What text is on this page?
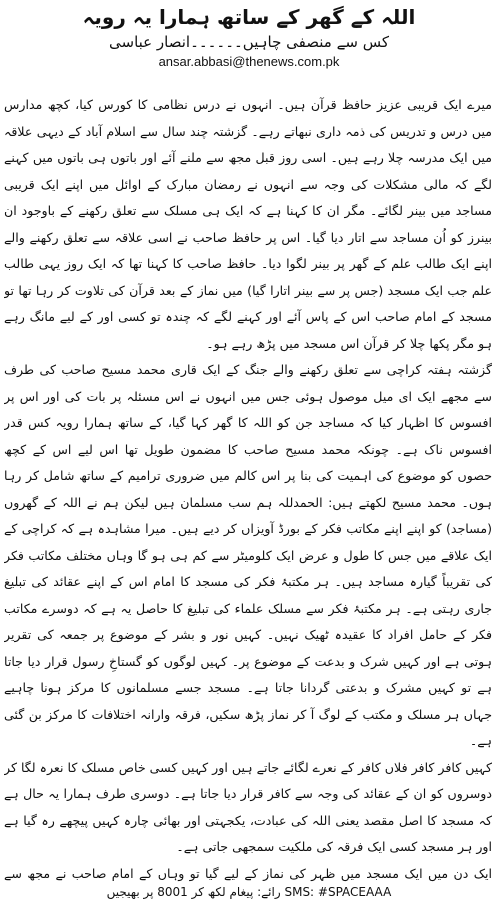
اللہ کے گھر کے ساتھ ہمارا یہ رویہ
کس سے منصفی چاہیں۔۔۔۔۔۔انصار عباسی
ansar.abbasi@thenews.com.pk

میرے ایک قریبی عزیز حافظ قرآن ہیں۔ انہوں نے درس نظامی کا کورس کیا، کچھ مدارس میں درس و تدریس کی ذمہ داری نبھاتے رہے۔ گزشتہ چند سال سے اسلام آباد کے دیہی علاقہ میں ایک مدرسہ چلا رہے ہیں۔ اسی روز قبل مجھ سے ملنے آئے اور باتوں ہی باتوں میں کہنے لگے کہ مالی مشکلات کی وجہ سے انہوں نے رمضان مبارک کے اوائل میں اپنے ایک قریبی مساجد میں بینر لگائے۔ مگر ان کا کہنا ہے کہ ایک ہی مسلک سے تعلق رکھنے کے باوجود ان بینرز کو اُن مساجد سے اتار دیا گیا۔ اس پر حافظ صاحب نے اسی علاقہ سے تعلق رکھنے والے اپنے ایک طالب علم کے گھر پر بینر لگوا دیا۔ حافظ صاحب کا کہنا تھا کہ ایک روز یہی طالب علم جب ایک مسجد (جس پر سے بینر اتارا گیا) میں نماز کے بعد قرآن کی تلاوت کر رہا تھا تو مسجد کے امام صاحب اس کے پاس آئے اور کہنے لگے کہ چندہ تو کسی اور کے لیے مانگ رہے ہو مگر پکھا چلا کر قرآن اس مسجد میں پڑھ رہے ہو۔

گزشتہ ہفتہ کراچی سے تعلق رکھنے والے جنگ کے ایک قاری محمد مسیح صاحب کی طرف سے مجھے ایک ای میل موصول ہوئی جس میں انہوں نے اس مسئلہ پر بات کی اور اس پر افسوس کا اظہار کیا کہ مساجد جن کو اللہ کا گھر کہا گیا، کے ساتھ ہمارا رویہ کس قدر افسوس ناک ہے۔ چونکہ محمد مسیح صاحب کا مضمون طویل تھا اس لیے اس کے کچھ حصوں کو موضوع کی اہمیت کی بنا پر اس کالم میں ضروری ترامیم کے ساتھ شامل کر رہا ہوں۔ محمد مسیح لکھتے ہیں: الحمدللہ ہم سب مسلمان ہیں لیکن ہم نے اللہ کے گھروں (مساجد) کو اپنے اپنے مکاتب فکر کے بورڈ آویزاں کر دیے ہیں۔ میرا مشاہدہ ہے کہ کراچی کے ایک علاقے میں جس کا طول و عرض ایک کلومیٹر سے کم ہی ہو گا وہاں مختلف مکاتب فکر کی تقریباً گیارہ مساجد ہیں۔ ہر مکتبۂ فکر کی مسجد کا امام اس کے اپنے عقائد کی تبلیغ جاری رہتی ہے۔ ہر مکتبۂ فکر سے مسلک علماء کی تبلیغ کا حاصل یہ ہے کہ دوسرے مکاتب فکر کے حامل افراد کا عقیدہ ٹھیک نہیں۔ کہیں نور و بشر کے موضوع پر جمعہ کی تقریر ہوتی ہے اور کہیں شرک و بدعت کے موضوع پر۔ کہیں لوگوں کو گستاخِ رسول قرار دیا جاتا ہے تو کہیں مشرک و بدعتی گردانا جاتا ہے۔ مسجد جسے مسلمانوں کا مرکز ہونا چاہیے جہاں ہر مسلک و مکتب کے لوگ آ کر نماز پڑھ سکیں، فرقہ وارانہ اختلافات کا مرکز بن گئی ہے۔

کہیں کافر کافر فلاں کافر کے نعرے لگائے جاتے ہیں اور کہیں کسی خاص مسلک کا نعرہ لگا کر دوسروں کو ان کے عقائد کی وجہ سے کافر قرار دیا جاتا ہے۔ دوسری طرف ہمارا یہ حال ہے کہ مسجد کا اصل مقصد یعنی اللہ کی عبادت، یکجہتی اور بھائی چارہ کہیں پیچھے رہ گیا ہے اور ہر مسجد کسی ایک فرقہ کی ملکیت سمجھی جاتی ہے۔

ایک دن میں ایک مسجد میں ظہر کی نماز کے لیے گیا تو وہاں کے امام صاحب نے مجھ سے

SMS: #SPACEAAA رائے: پیغام لکھ کر 8001 پر بھیجیں
